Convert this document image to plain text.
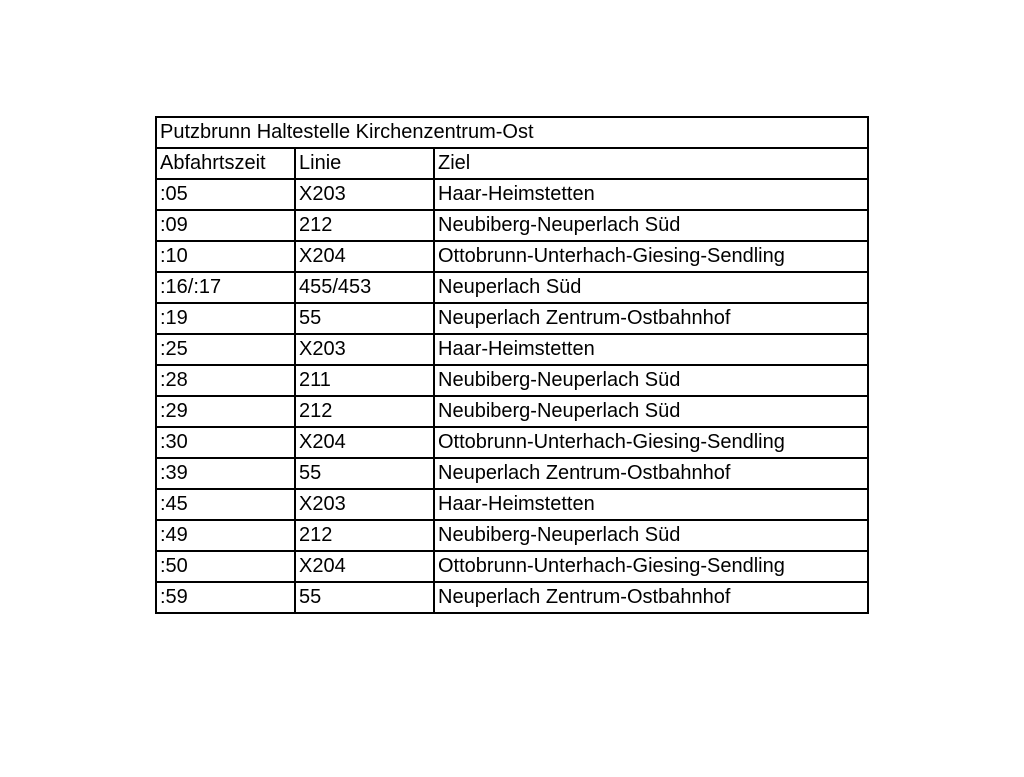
Putzbrunn Haltestelle Kirchenzentrum-Ost		
Abfahrtszeit	Linie	Ziel
:05	X203	Haar-Heimstetten
:09	212	Neubiberg-Neuperlach Süd
:10	X204	Ottobrunn-Unterhach-Giesing-Sendling
:16/:17	455/453	Neuperlach Süd
:19	55	Neuperlach Zentrum-Ostbahnhof
:25	X203	Haar-Heimstetten
:28	211	Neubiberg-Neuperlach Süd
:29	212	Neubiberg-Neuperlach Süd
:30	X204	Ottobrunn-Unterhach-Giesing-Sendling
:39	55	Neuperlach Zentrum-Ostbahnhof
:45	X203	Haar-Heimstetten
:49	212	Neubiberg-Neuperlach Süd
:50	X204	Ottobrunn-Unterhach-Giesing-Sendling
:59	55	Neuperlach Zentrum-Ostbahnhof
